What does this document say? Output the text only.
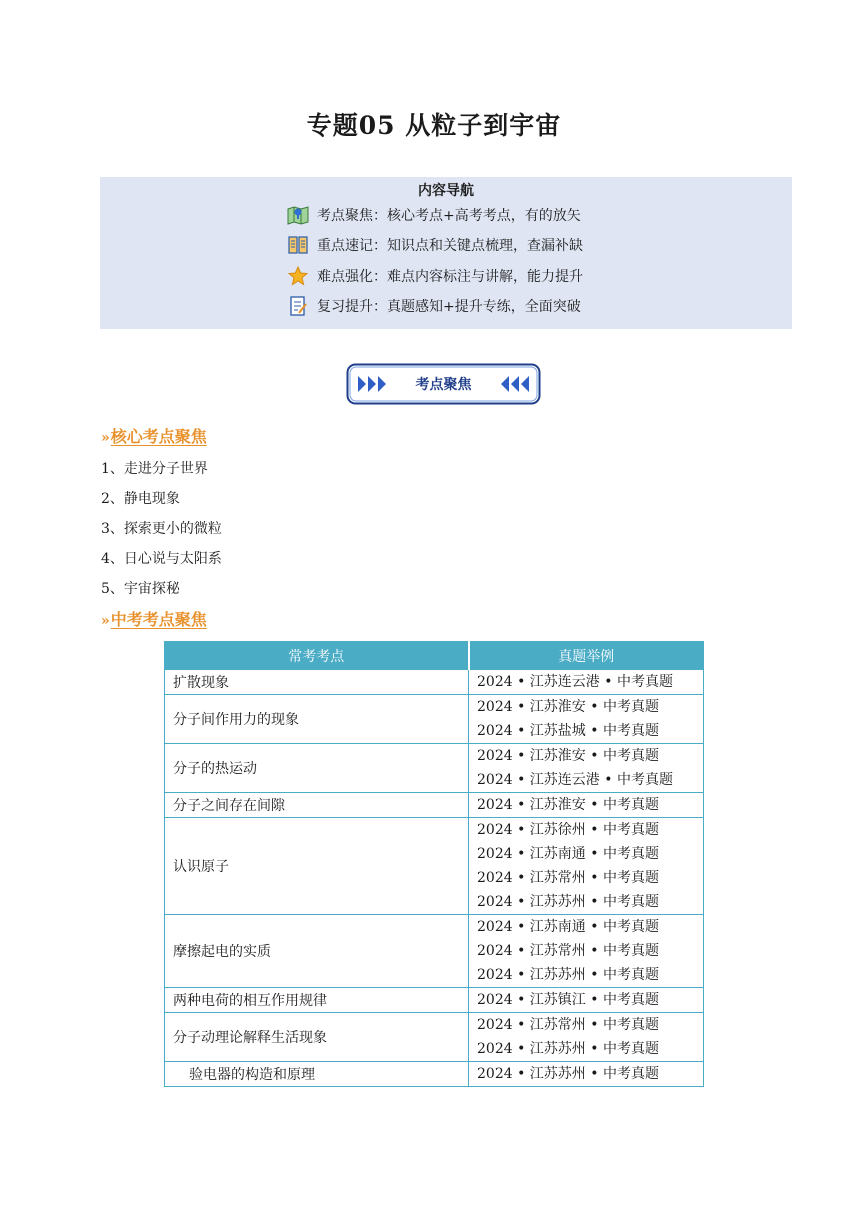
专题05 从粒子到宇宙
内容导航
考点聚焦：核心考点+高考考点，有的放矢
重点速记：知识点和关键点梳理，查漏补缺
难点强化：难点内容标注与讲解，能力提升
复习提升：真题感知+提升专练，全面突破
考点聚焦
»核心考点聚焦
1、走进分子世界
2、静电现象
3、探索更小的微粒
4、日心说与太阳系
5、宇宙探秘
»中考考点聚焦
常考考点	真题举例
扩散现象	2024 • 江苏连云港 • 中考真题

分子间作用力的现象	2024 • 江苏淮安 • 中考真题
2024 • 江苏盐城 • 中考真题

分子的热运动	2024 • 江苏淮安 • 中考真题
2024 • 江苏连云港 • 中考真题

分子之间存在间隙	2024 • 江苏淮安 • 中考真题

认识原子	2024 • 江苏徐州 • 中考真题
2024 • 江苏南通 • 中考真题
2024 • 江苏常州 • 中考真题
2024 • 江苏苏州 • 中考真题

摩擦起电的实质	2024 • 江苏南通 • 中考真题
2024 • 江苏常州 • 中考真题
2024 • 江苏苏州 • 中考真题

两种电荷的相互作用规律	2024 • 江苏镇江 • 中考真题

分子动理论解释生活现象	2024 • 江苏常州 • 中考真题
2024 • 江苏苏州 • 中考真题

验电器的构造和原理	2024 • 江苏苏州 • 中考真题
